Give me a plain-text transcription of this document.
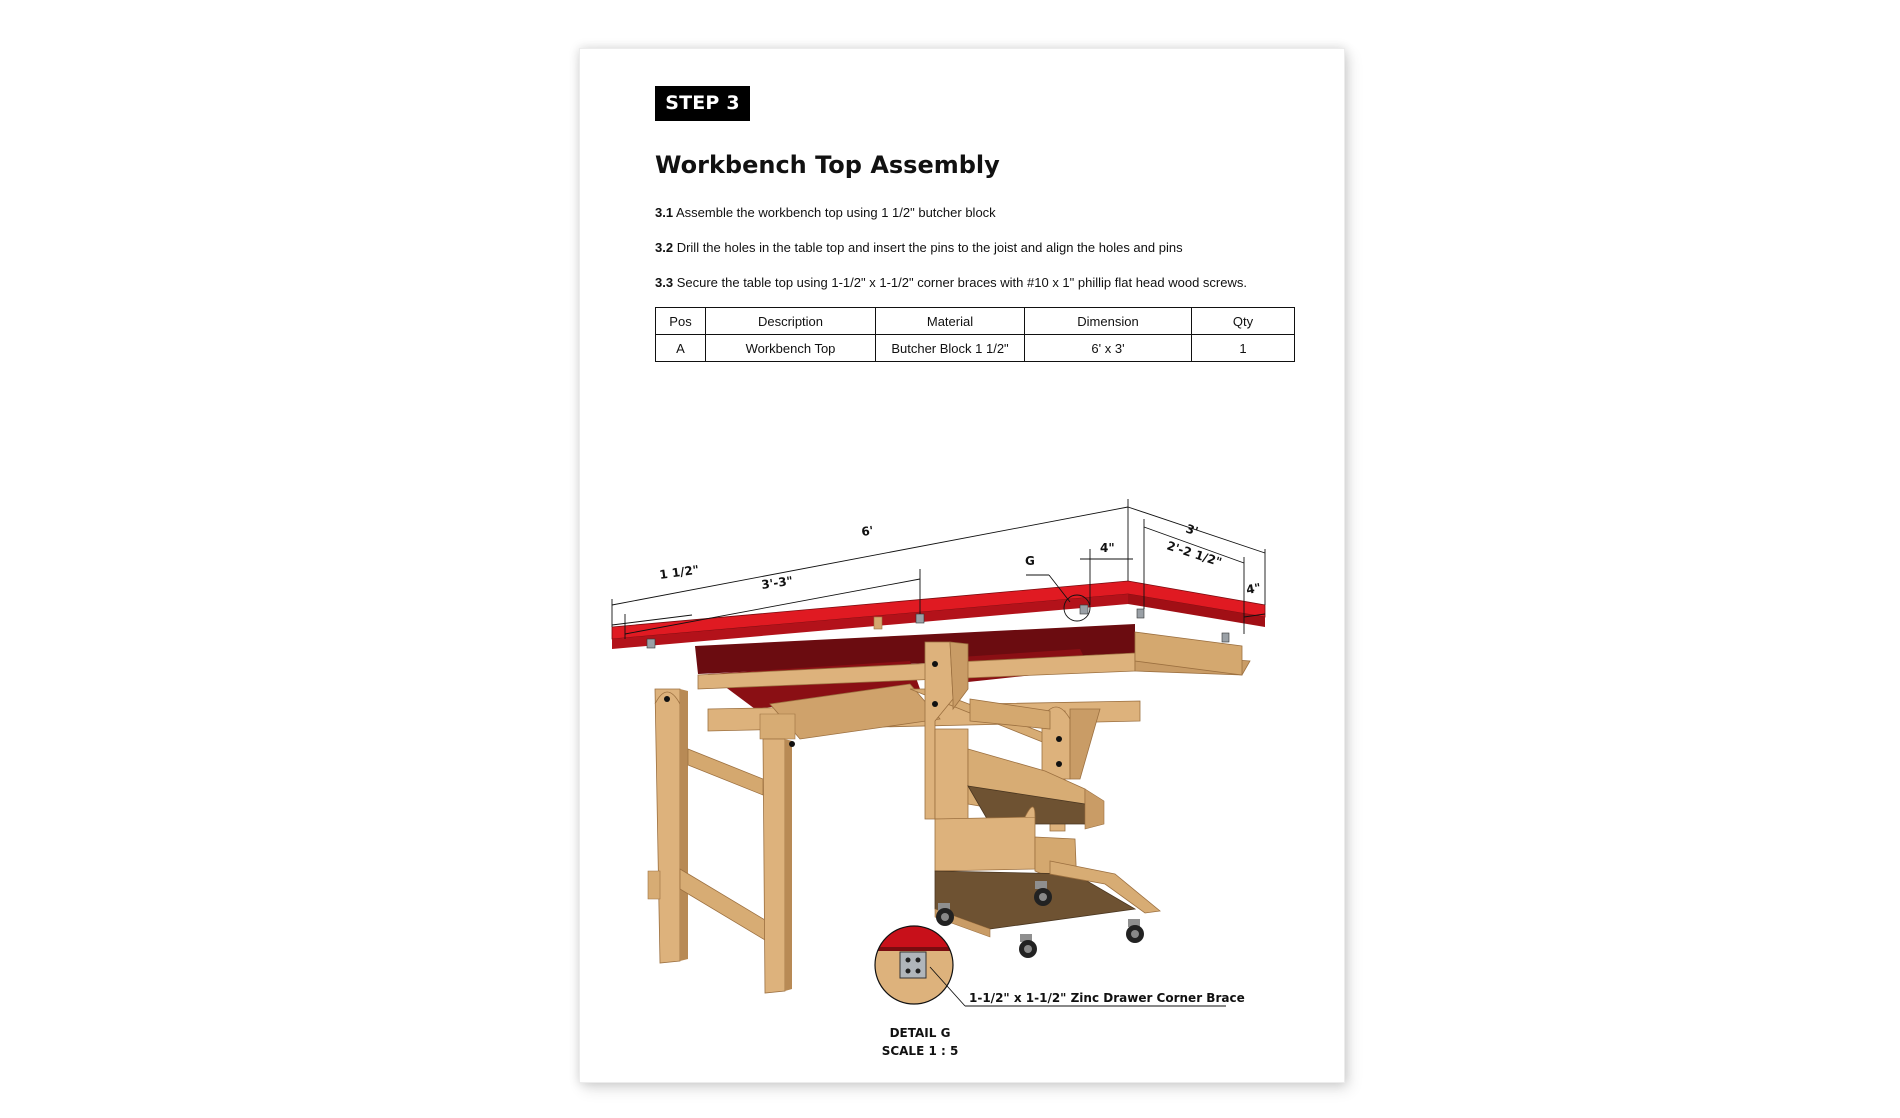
STEP 3
Workbench Top Assembly

3.1 Assemble the workbench top using 1 1/2" butcher block

3.2 Drill the holes in the table top and insert the pins to the joist and align the holes and pins

3.3 Secure the table top using 1-1/2" x 1-1/2" corner braces with #10 x 1" phillip flat head wood screws.

Pos	Description	Material	Dimension	Qty
A	Workbench Top	Butcher Block 1 1/2"	6' x 3'	1
6'	3'
2'-2 1/2"
1 1/2"
3'-3"
4"
4"
G
1-1/2" x 1-1/2" Zinc Drawer Corner Brace
DETAIL G
SCALE 1 : 5
